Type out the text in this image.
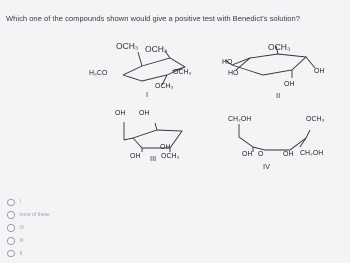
Which one of the compounds shown would give a positive test with Benedict's solution?
OCH₃ OCH₃
H₃CO	OCH₃
OCH₃
I
OCH₃
HO
HO	OH
OH
II
OH OH
OH
OH	OCH₃
III
CH₂OH
O	OH
OCH₃
CH₂OH
OH
IV
I
none of these
IV
III
II
